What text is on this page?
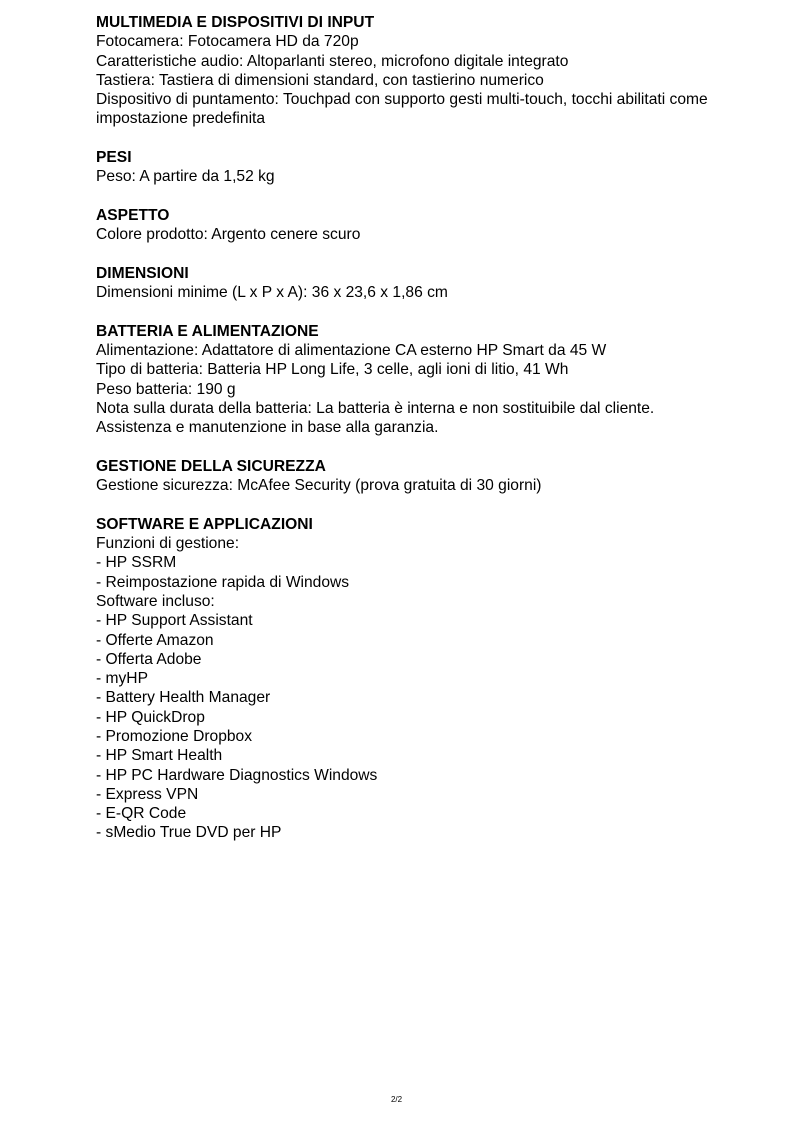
MULTIMEDIA E DISPOSITIVI DI INPUT
Fotocamera: Fotocamera HD da 720p
Caratteristiche audio: Altoparlanti stereo, microfono digitale integrato
Tastiera: Tastiera di dimensioni standard, con tastierino numerico
Dispositivo di puntamento: Touchpad con supporto gesti multi-touch, tocchi abilitati come impostazione predefinita
PESI
Peso: A partire da 1,52 kg
ASPETTO
Colore prodotto: Argento cenere scuro
DIMENSIONI
Dimensioni minime (L x P x A): 36 x 23,6 x 1,86 cm
BATTERIA E ALIMENTAZIONE
Alimentazione: Adattatore di alimentazione CA esterno HP Smart da 45 W
Tipo di batteria: Batteria HP Long Life, 3 celle, agli ioni di litio, 41 Wh
Peso batteria: 190 g
Nota sulla durata della batteria: La batteria è interna e non sostituibile dal cliente.
Assistenza e manutenzione in base alla garanzia.
GESTIONE DELLA SICUREZZA
Gestione sicurezza: McAfee Security (prova gratuita di 30 giorni)
SOFTWARE E APPLICAZIONI
Funzioni di gestione:
- HP SSRM
- Reimpostazione rapida di Windows
Software incluso:
- HP Support Assistant
- Offerte Amazon
- Offerta Adobe
- myHP
- Battery Health Manager
- HP QuickDrop
- Promozione Dropbox
- HP Smart Health
- HP PC Hardware Diagnostics Windows
- Express VPN
- E-QR Code
- sMedio True DVD per HP
2/2
